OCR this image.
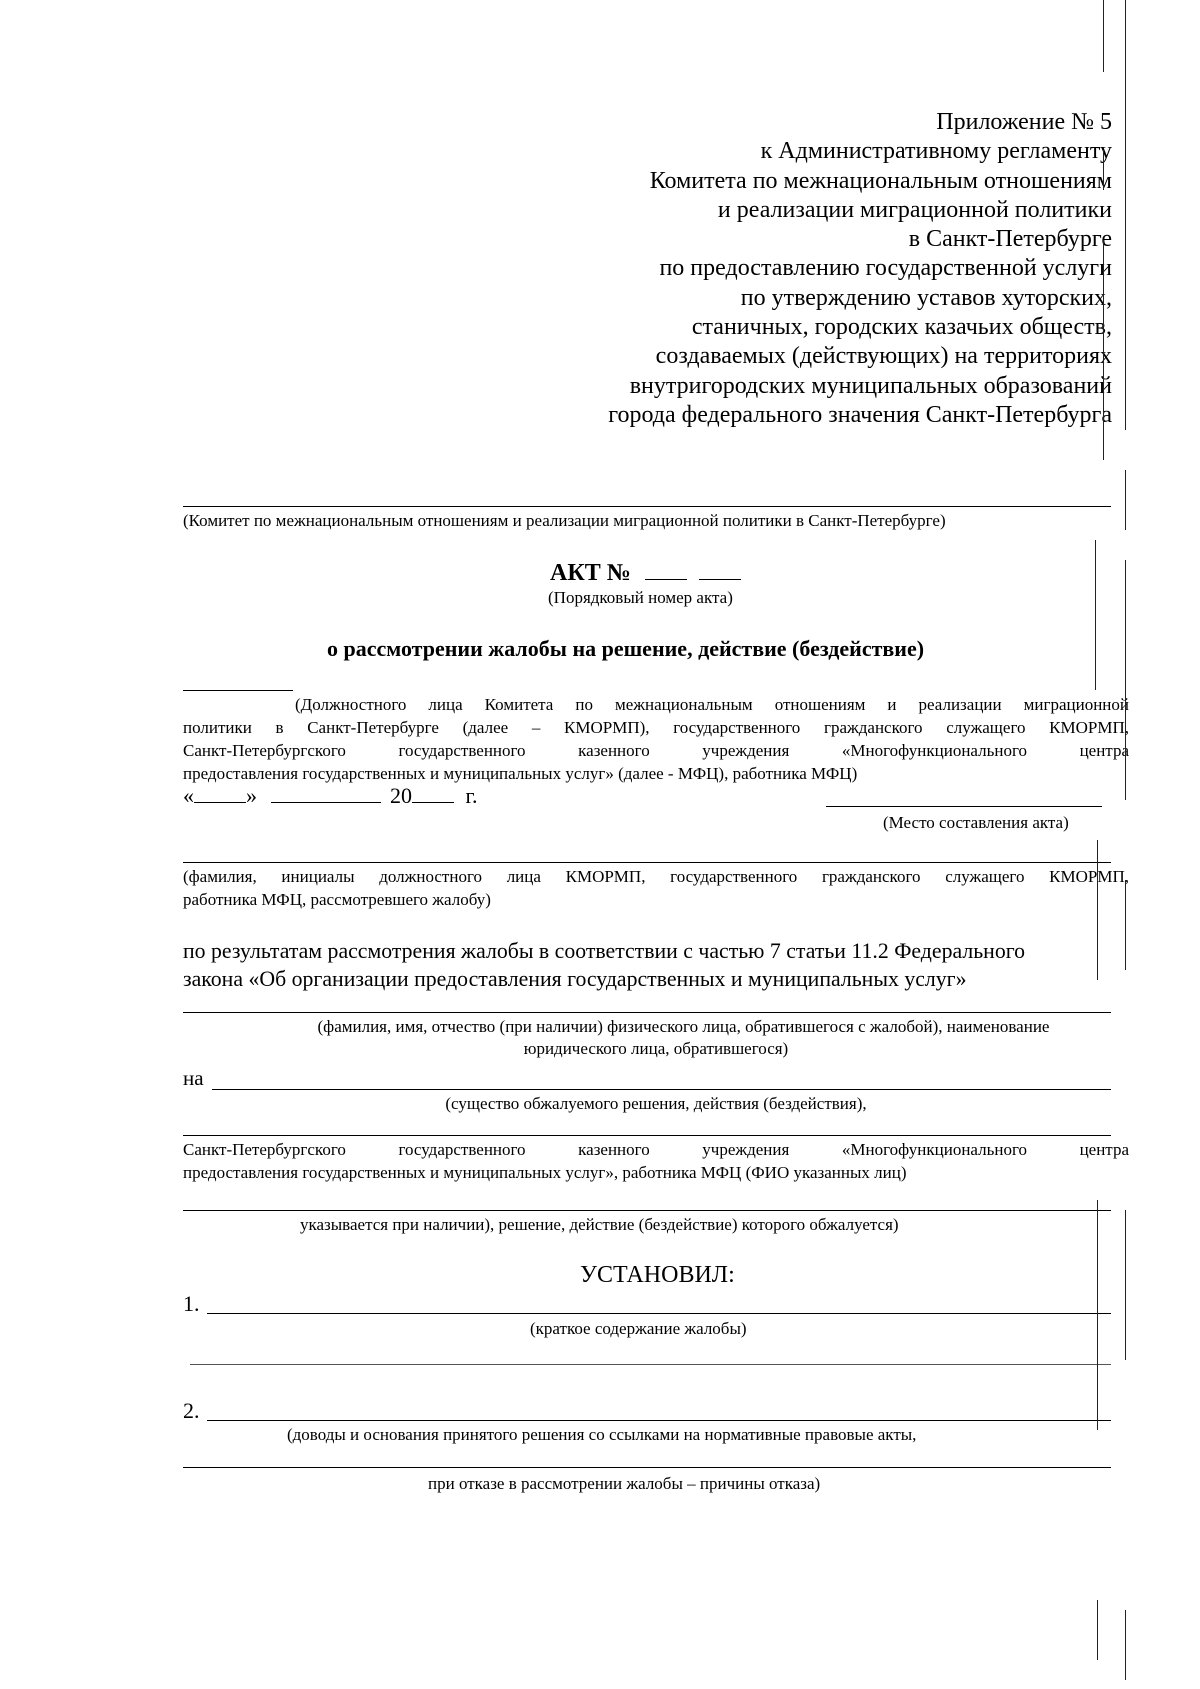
Приложение № 5
к Административному регламенту
Комитета по межнациональным отношениям
и реализации миграционной политики
в Санкт-Петербурге
по предоставлению государственной услуги
по утверждению уставов хуторских,
станичных, городских казачьих обществ,
создаваемых (действующих) на территориях
внутригородских муниципальных образований
города федерального значения Санкт-Петербурга
(Комитет по межнациональным отношениям и реализации миграционной политики в Санкт-Петербурге)
АКТ №
(Порядковый номер акта)
о рассмотрении жалобы на решение, действие (бездействие)
(Должностного лица Комитета по межнациональным отношениям и реализации миграционной
политики в Санкт-Петербурге (далее – КМОРМП), государственного гражданского служащего КМОРМП,
Санкт-Петербургского государственного казенного учреждения «Многофункционального центра
предоставления государственных и муниципальных услуг» (далее - МФЦ), работника МФЦ)
« »	20 г.
(Место составления акта)
(фамилия, инициалы должностного лица КМОРМП, государственного гражданского служащего КМОРМП,
работника МФЦ, рассмотревшего жалобу)
по результатам рассмотрения жалобы в соответствии с частью 7 статьи 11.2 Федерального
закона «Об организации предоставления государственных и муниципальных услуг»
(фамилия, имя, отчество (при наличии) физического лица, обратившегося с жалобой), наименование
юридического лица, обратившегося)
на
(существо обжалуемого решения, действия (бездействия),
Санкт-Петербургского государственного казенного учреждения «Многофункционального центра
предоставления государственных и муниципальных услуг», работника МФЦ (ФИО указанных лиц)
указывается при наличии), решение, действие (бездействие) которого обжалуется)
УСТАНОВИЛ:
1.
(краткое содержание жалобы)
2.
(доводы и основания принятого решения со ссылками на нормативные правовые акты,
при отказе в рассмотрении жалобы – причины отказа)
